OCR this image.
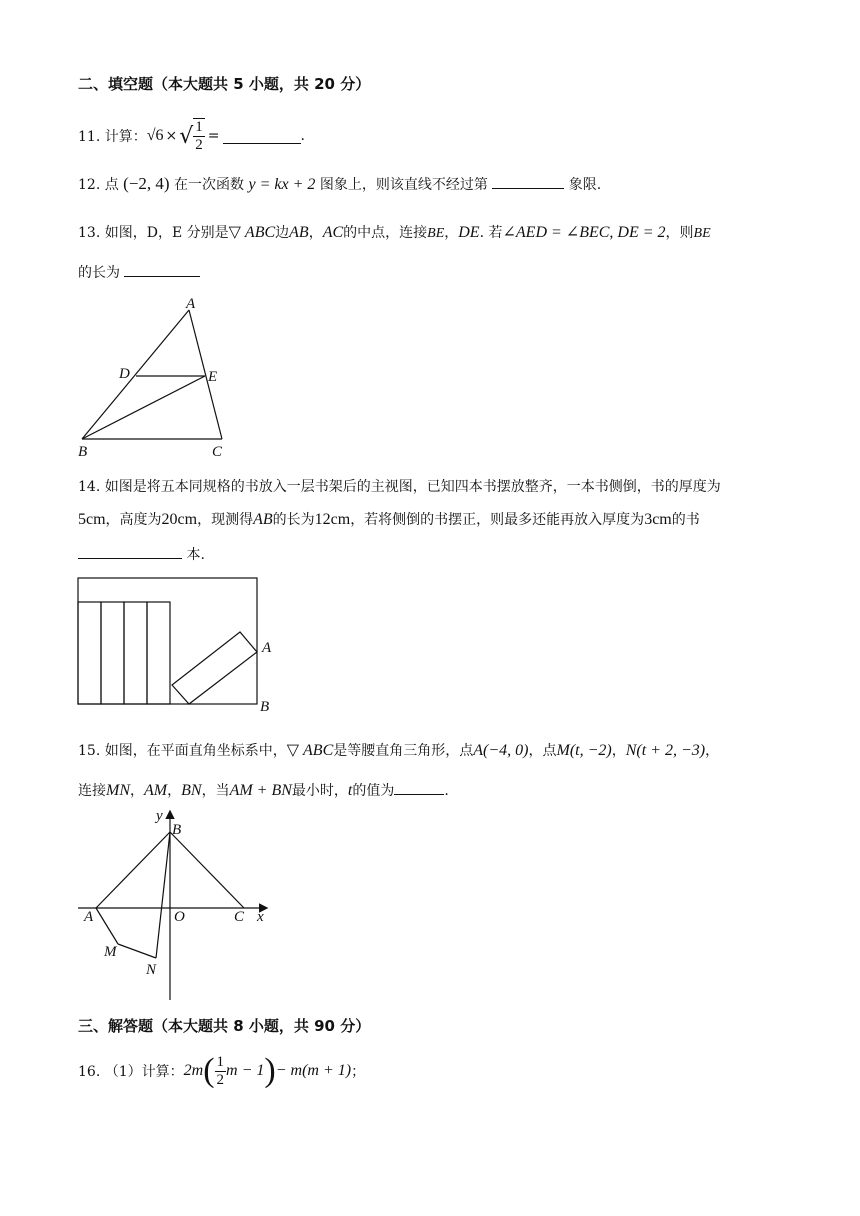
二、填空题（本大题共 5 小题，共 20 分）
11. 计算： √6 × √ $\frac{1}{2}$ =	.
12. 点 (−2, 4) 在一次函数 y = kx + 2 图象上，则该直线不经过第	象限.
13. 如图，D，E 分别是▽ ABC边AB，AC的中点，连接BE，DE. 若∠AED = ∠BEC, DE = 2，则BE
的长为
A
D	E
B	C
14. 如图是将五本同规格的书放入一层书架后的主视图，已知四本书摆放整齐，一本书侧倒，书的厚度为
5cm，高度为20cm，现测得AB的长为12cm，若将侧倒的书摆正，则最多还能再放入厚度为3cm的书
本.
A
B
15. 如图，在平面直角坐标系中，▽ ABC是等腰直角三角形，点A(−4, 0)，点M(t, −2)，N(t + 2, −3)，
连接MN，AM，BN，当AM + BN最小时，t的值为	.
y
B
A	O	C x
M
N
三、解答题（本大题共 8 小题，共 90 分）
16. （1）计算： 2m ( $\frac{1}{2}$ m − 1 ) − m (m + 1) ；
